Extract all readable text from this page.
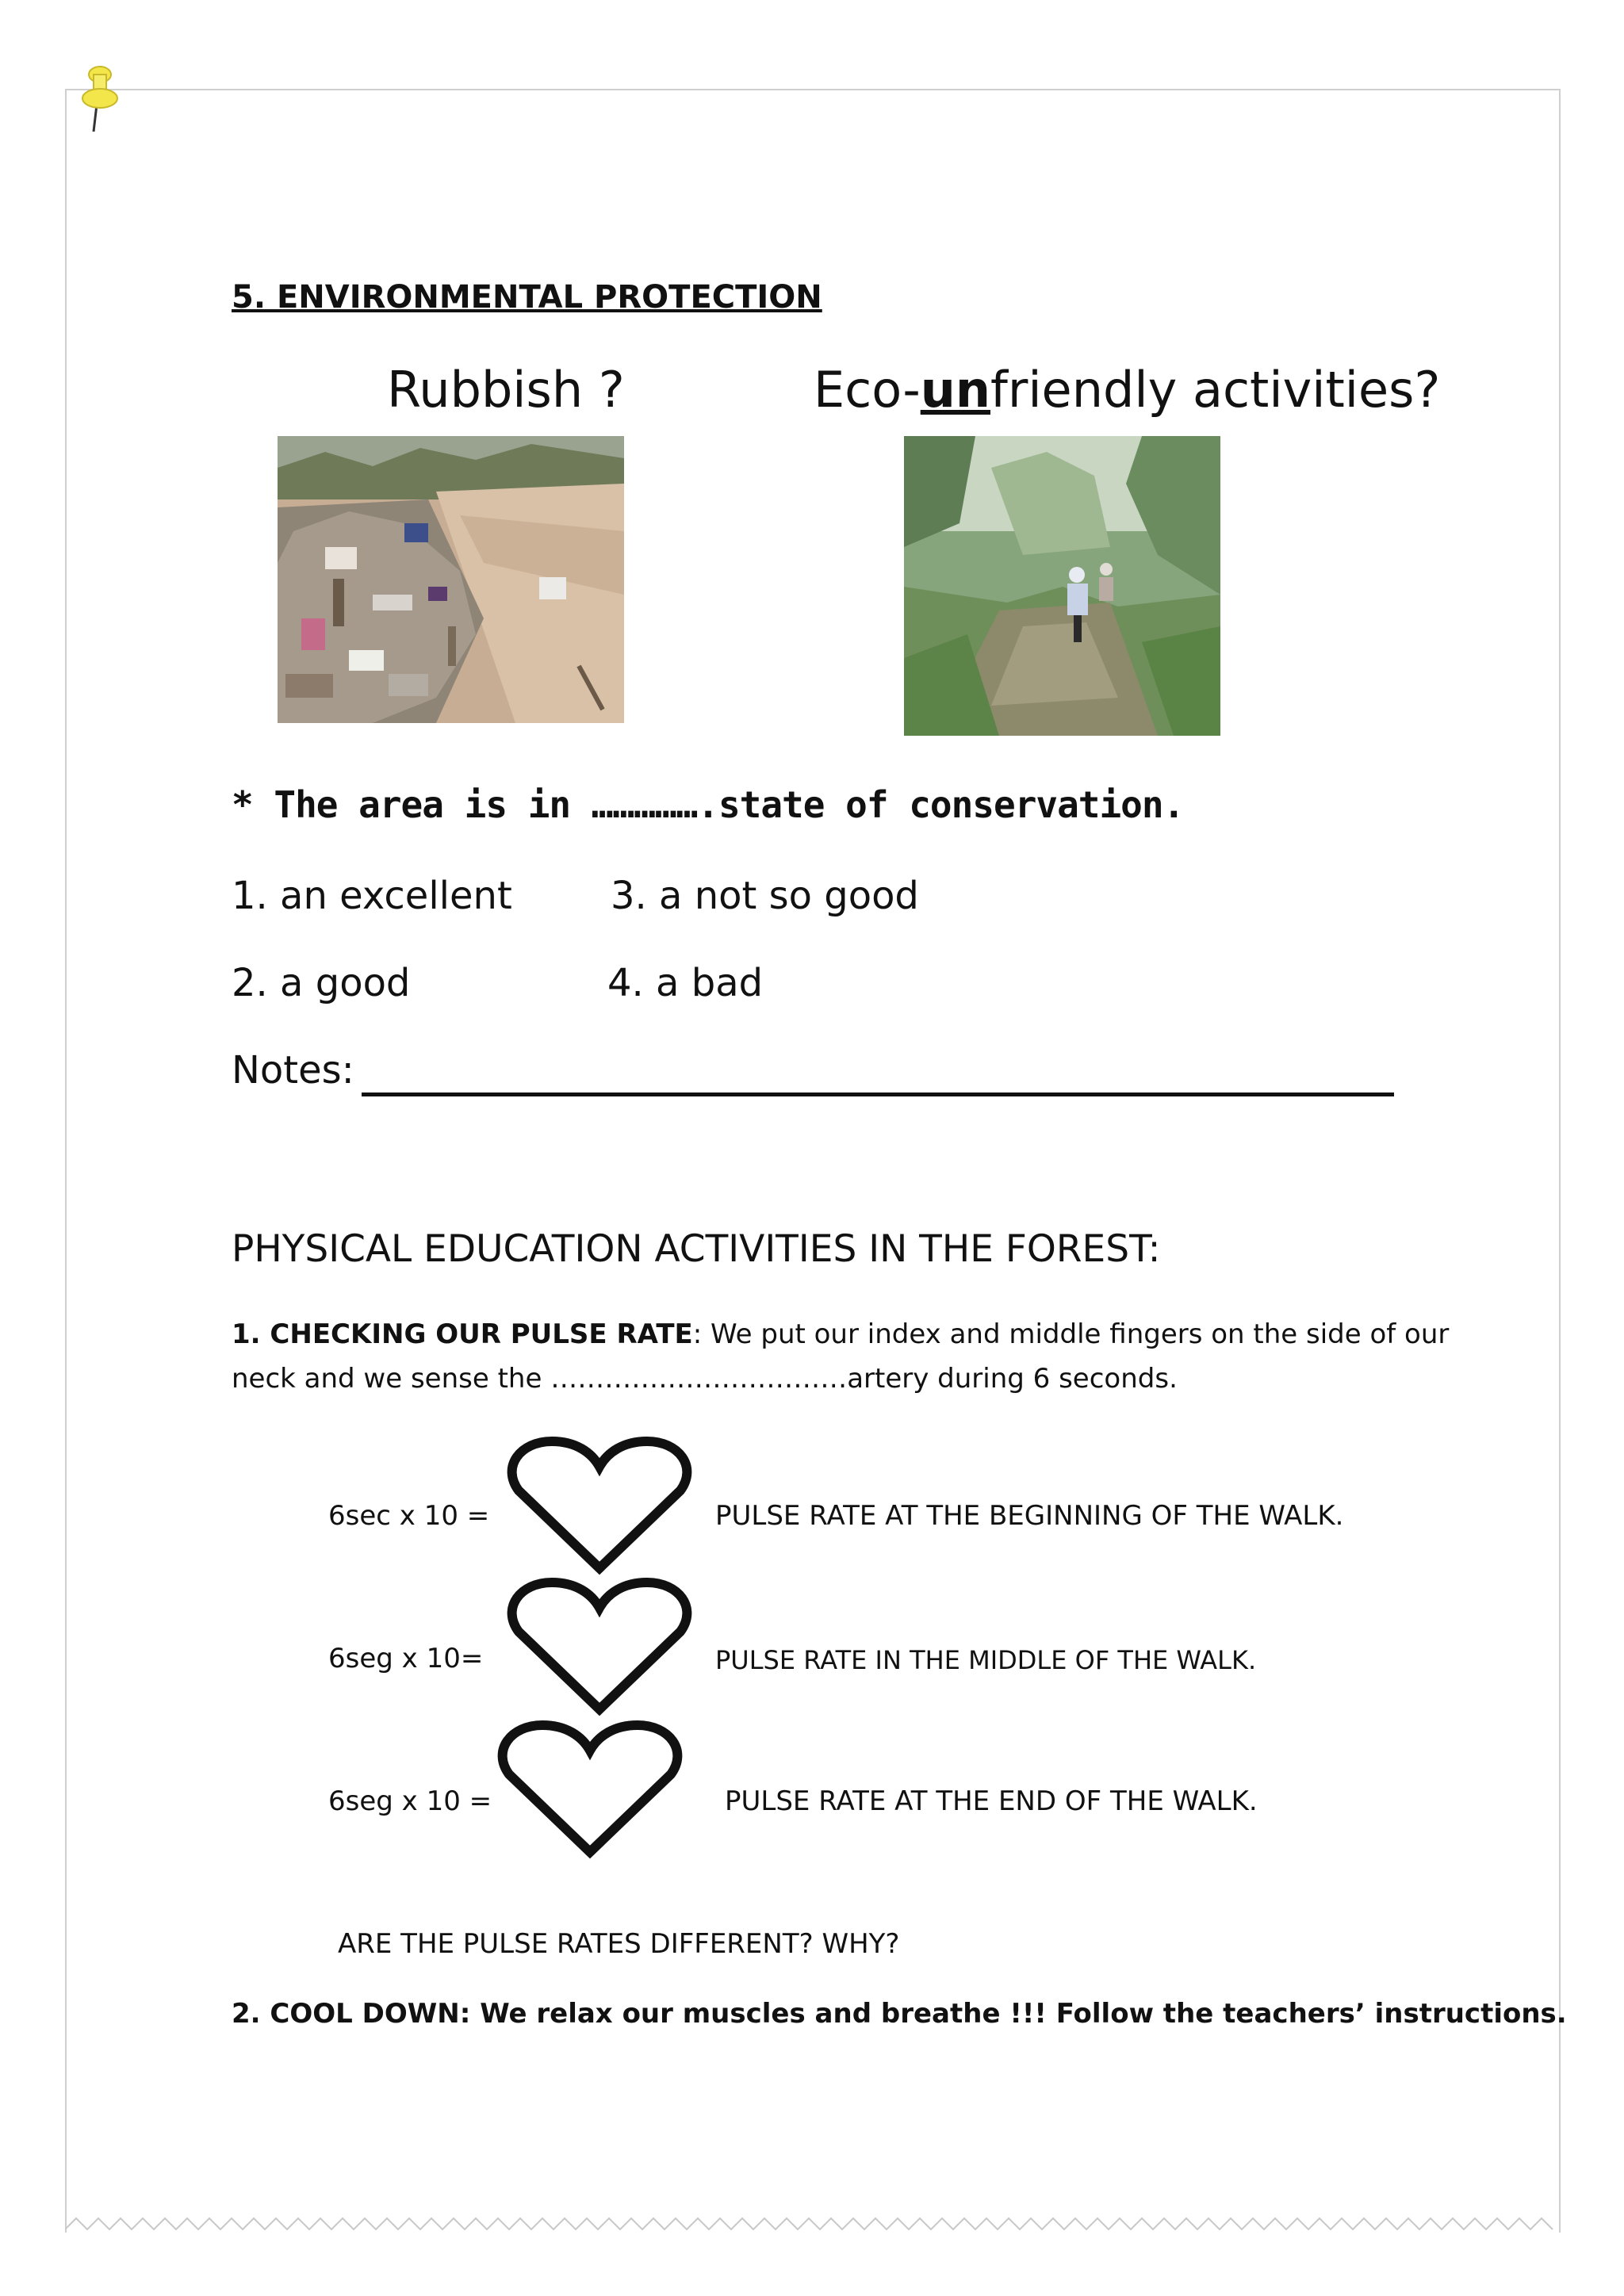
5. ENVIRONMENTAL PROTECTION
Rubbish ?	Eco-unfriendly activities?
* The area is in …………….state of conservation.
1. an excellent	3. a not so good
2. a good	4. a bad
Notes:
PHYSICAL EDUCATION ACTIVITIES IN THE FOREST:
1. CHECKING OUR PULSE RATE: We put our index and middle fingers on the side of our neck and we sense the ……………………………artery during 6 seconds.
6sec x 10 =	PULSE RATE AT THE BEGINNING OF THE WALK.
6seg x 10=	PULSE RATE IN THE MIDDLE OF THE WALK.
6seg x 10 =	PULSE RATE AT THE END OF THE WALK.
ARE THE PULSE RATES DIFFERENT? WHY?
2. COOL DOWN: We relax our muscles and breathe !!! Follow the teachers’ instructions.
